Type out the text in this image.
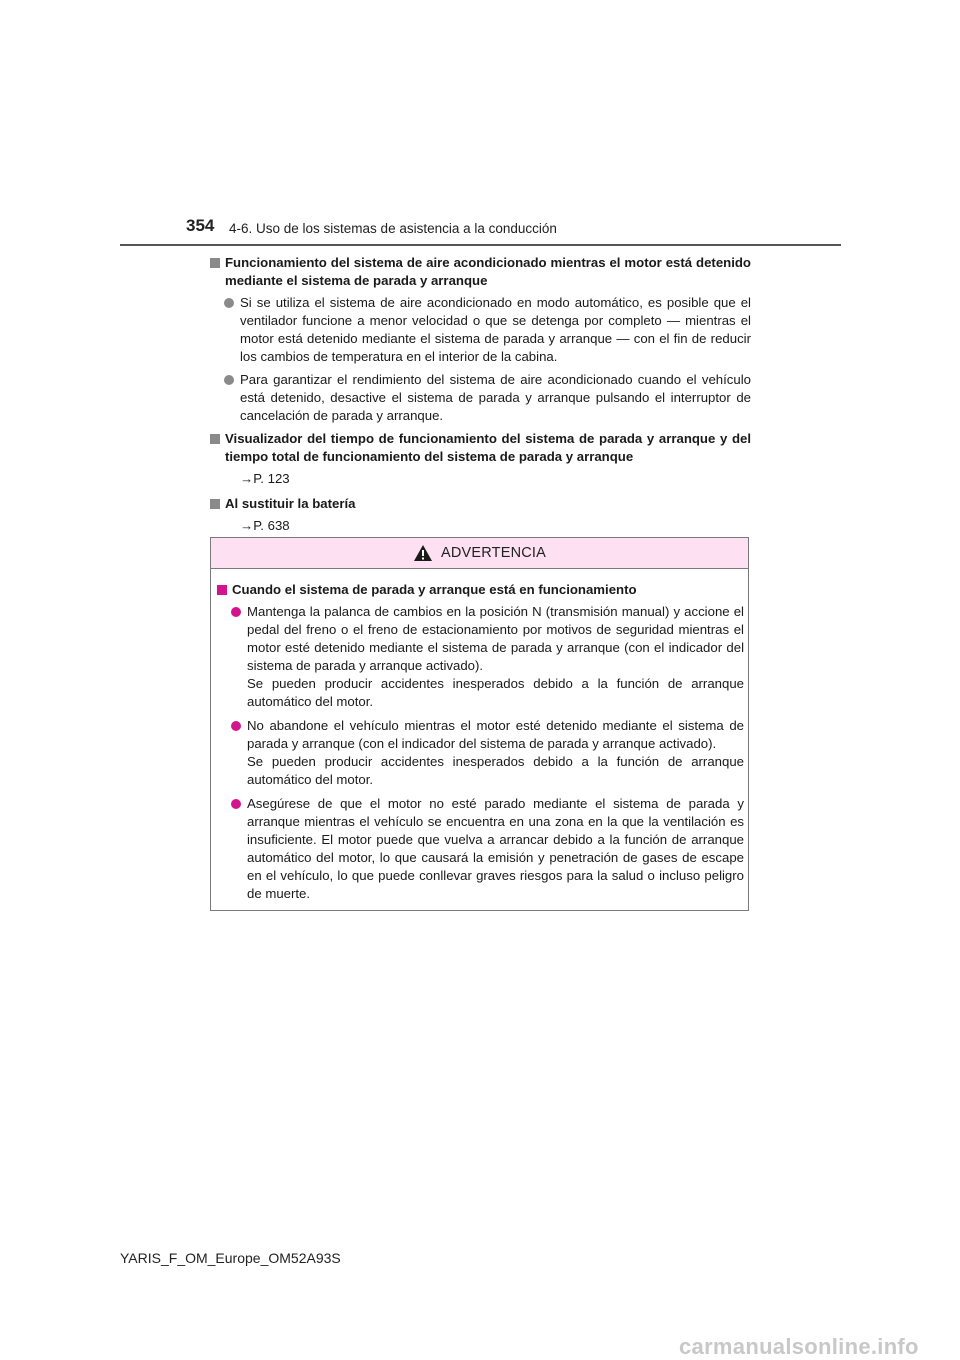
354 4-6. Uso de los sistemas de asistencia a la conducción
Funcionamiento del sistema de aire acondicionado mientras el motor está detenido mediante el sistema de parada y arranque
Si se utiliza el sistema de aire acondicionado en modo automático, es posible que el ventilador funcione a menor velocidad o que se detenga por completo — mientras el motor está detenido mediante el sistema de parada y arranque — con el fin de reducir los cambios de temperatura en el interior de la cabina.
Para garantizar el rendimiento del sistema de aire acondicionado cuando el vehículo está detenido, desactive el sistema de parada y arranque pulsando el interruptor de cancelación de parada y arranque.
Visualizador del tiempo de funcionamiento del sistema de parada y arranque y del tiempo total de funcionamiento del sistema de parada y arranque
→P. 123
Al sustituir la batería
→P. 638
ADVERTENCIA
Cuando el sistema de parada y arranque está en funcionamiento
Mantenga la palanca de cambios en la posición N (transmisión manual) y accione el pedal del freno o el freno de estacionamiento por motivos de seguridad mientras el motor esté detenido mediante el sistema de parada y arranque (con el indicador del sistema de parada y arranque activado).
Se pueden producir accidentes inesperados debido a la función de arranque automático del motor.
No abandone el vehículo mientras el motor esté detenido mediante el sistema de parada y arranque (con el indicador del sistema de parada y arranque activado).
Se pueden producir accidentes inesperados debido a la función de arranque automático del motor.
Asegúrese de que el motor no esté parado mediante el sistema de parada y arranque mientras el vehículo se encuentra en una zona en la que la ventilación es insuficiente. El motor puede que vuelva a arrancar debido a la función de arranque automático del motor, lo que causará la emisión y penetración de gases de escape en el vehículo, lo que puede conllevar graves riesgos para la salud o incluso peligro de muerte.
YARIS_F_OM_Europe_OM52A93S
carmanualsonline.info
